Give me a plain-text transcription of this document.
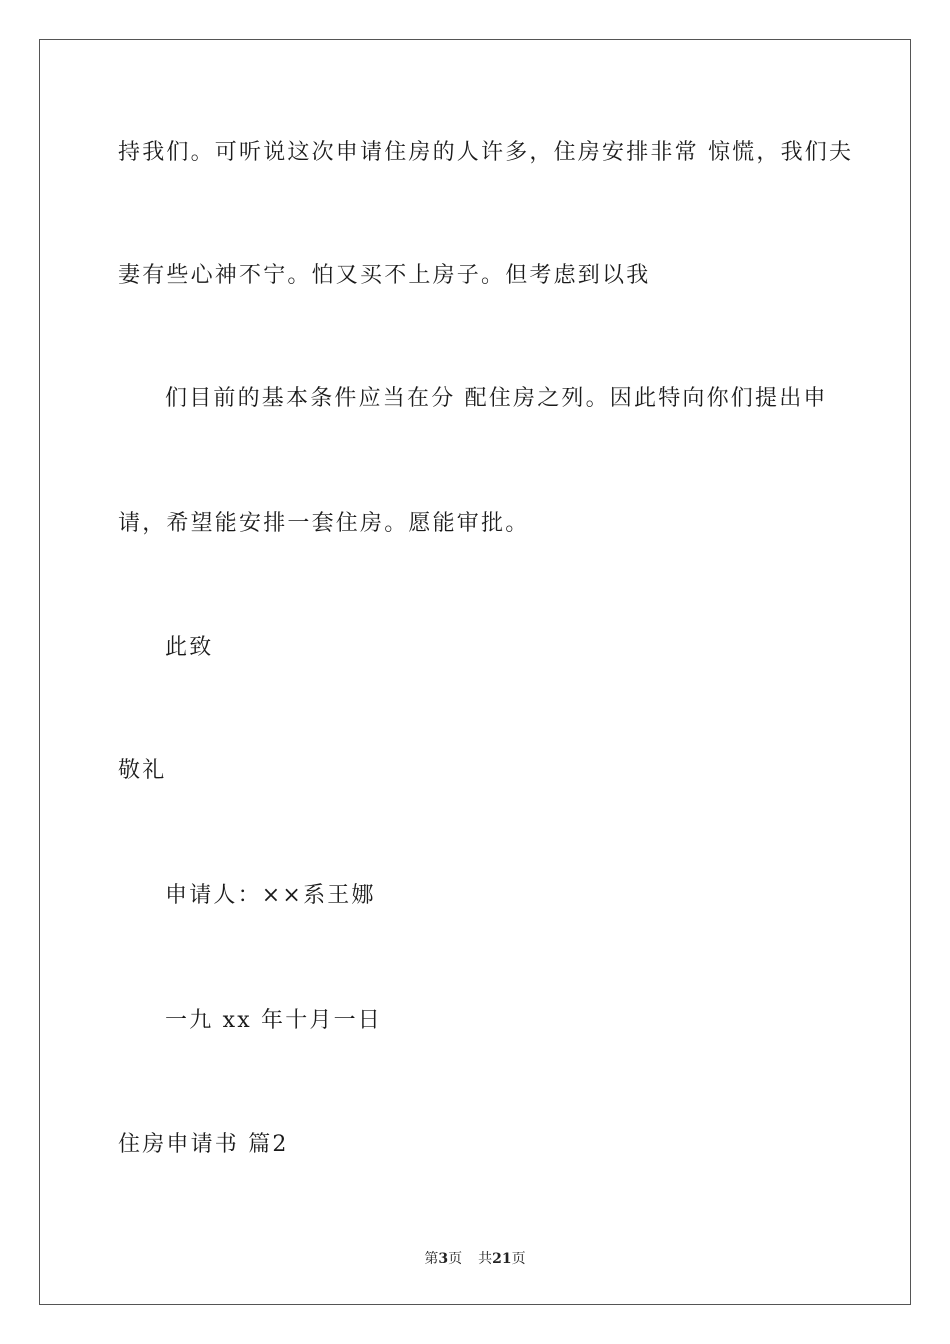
持我们。可听说这次申请住房的人许多，住房安排非常 惊慌，我们夫
妻有些心神不宁。怕又买不上房子。但考虑到以我
们目前的基本条件应当在分 配住房之列。因此特向你们提出申
请，希望能安排一套住房。愿能审批。
此致
敬礼
申请人：××系王娜
一九 xx 年十月一日
住房申请书 篇2
第3页 共21页
